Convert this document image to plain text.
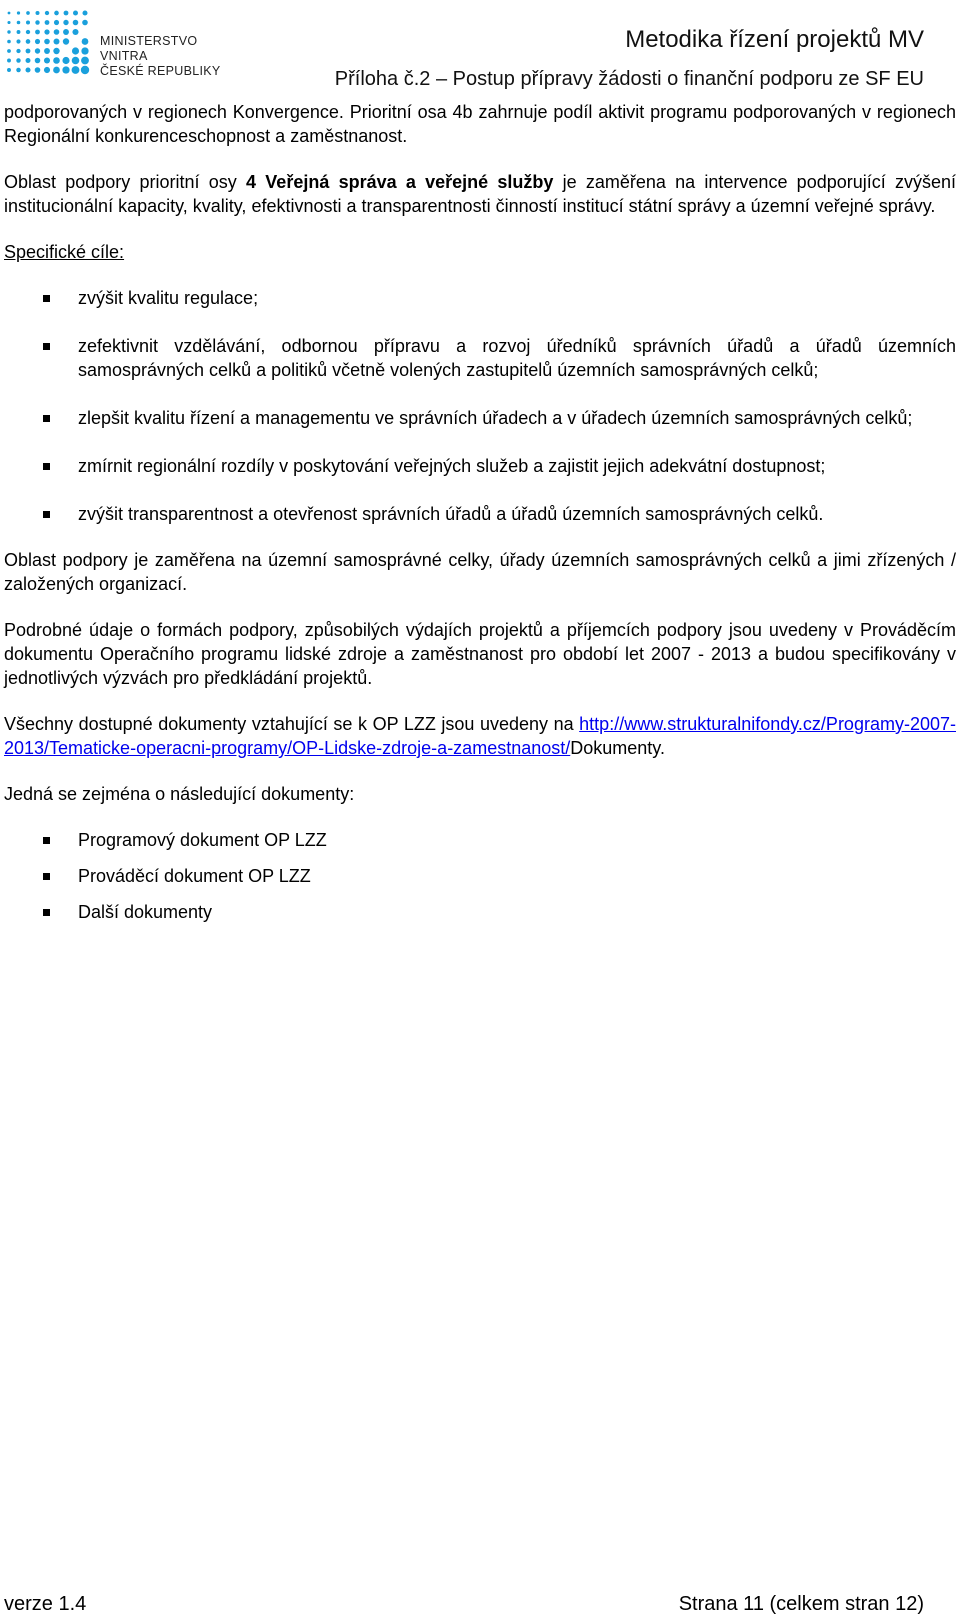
MINISTERSTVO VNITRA
ČESKÉ REPUBLIKY
Metodika řízení projektů MV
Příloha č.2 – Postup přípravy žádosti o finanční podporu ze SF EU

podporovaných v regionech Konvergence. Prioritní osa 4b zahrnuje podíl aktivit programu podporovaných v regionech Regionální konkurenceschopnost a zaměstnanost.

Oblast podpory prioritní osy 4 Veřejná správa a veřejné služby je zaměřena na intervence podporující zvýšení institucionální kapacity, kvality, efektivnosti a transparentnosti činností institucí státní správy a územní veřejné správy.

Specifické cíle:

zvýšit kvalitu regulace;
zefektivnit vzdělávání, odbornou přípravu a rozvoj úředníků správních úřadů a úřadů územních samosprávných celků a politiků včetně volených zastupitelů územních samosprávných celků;
zlepšit kvalitu řízení a managementu ve správních úřadech a v úřadech územních samosprávných celků;
zmírnit regionální rozdíly v poskytování veřejných služeb a zajistit jejich adekvátní dostupnost;
zvýšit transparentnost a otevřenost správních úřadů a úřadů územních samosprávných celků.

Oblast podpory je zaměřena na územní samosprávné celky, úřady územních samosprávných celků a jimi zřízených / založených organizací.

Podrobné údaje o formách podpory, způsobilých výdajích projektů a příjemcích podpory jsou uvedeny v Prováděcím dokumentu Operačního programu lidské zdroje a zaměstnanost pro období let 2007 - 2013 a budou specifikovány v jednotlivých výzvách pro předkládání projektů.

Všechny dostupné dokumenty vztahující se k OP LZZ jsou uvedeny na http://www.strukturalnifondy.cz/Programy-2007-2013/Tematicke-operacni-programy/OP-Lidske-zdroje-a-zamestnanost/Dokumenty.

Jedná se zejména o následující dokumenty:

Programový dokument OP LZZ
Prováděcí dokument OP LZZ
Další dokumenty
verze 1.4	Strana 11 (celkem stran 12)
